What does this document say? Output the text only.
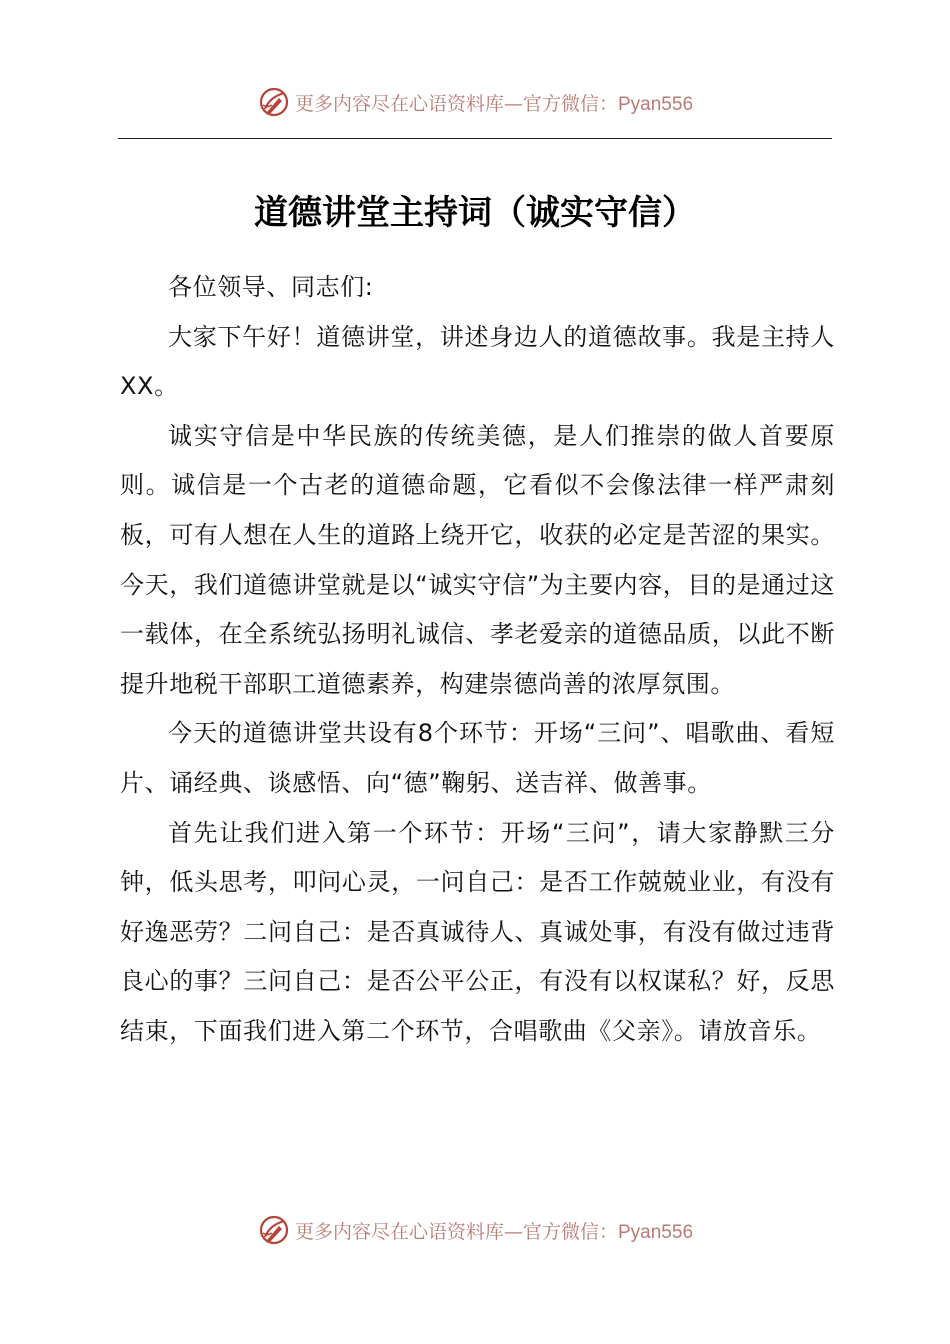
更多内容尽在心语资料库—官方微信：Pyan556
道德讲堂主持词（诚实守信）

各位领导、同志们:

大家下午好！道德讲堂，讲述身边人的道德故事。我是主持人XX。

诚实守信是中华民族的传统美德，是人们推崇的做人首要原则。诚信是一个古老的道德命题，它看似不会像法律一样严肃刻板，可有人想在人生的道路上绕开它，收获的必定是苦涩的果实。今天，我们道德讲堂就是以“诚实守信”为主要内容，目的是通过这一载体，在全系统弘扬明礼诚信、孝老爱亲的道德品质，以此不断提升地税干部职工道德素养，构建崇德尚善的浓厚氛围。

今天的道德讲堂共设有8个环节：开场“三问”、唱歌曲、看短片、诵经典、谈感悟、向“德”鞠躬、送吉祥、做善事。

首先让我们进入第一个环节：开场“三问”，请大家静默三分钟，低头思考，叩问心灵，一问自己：是否工作兢兢业业，有没有好逸恶劳？二问自己：是否真诚待人、真诚处事，有没有做过违背良心的事？三问自己：是否公平公正，有没有以权谋私？好，反思结束，下面我们进入第二个环节，合唱歌曲《父亲》。请放音乐。

更多内容尽在心语资料库—官方微信：Pyan556
